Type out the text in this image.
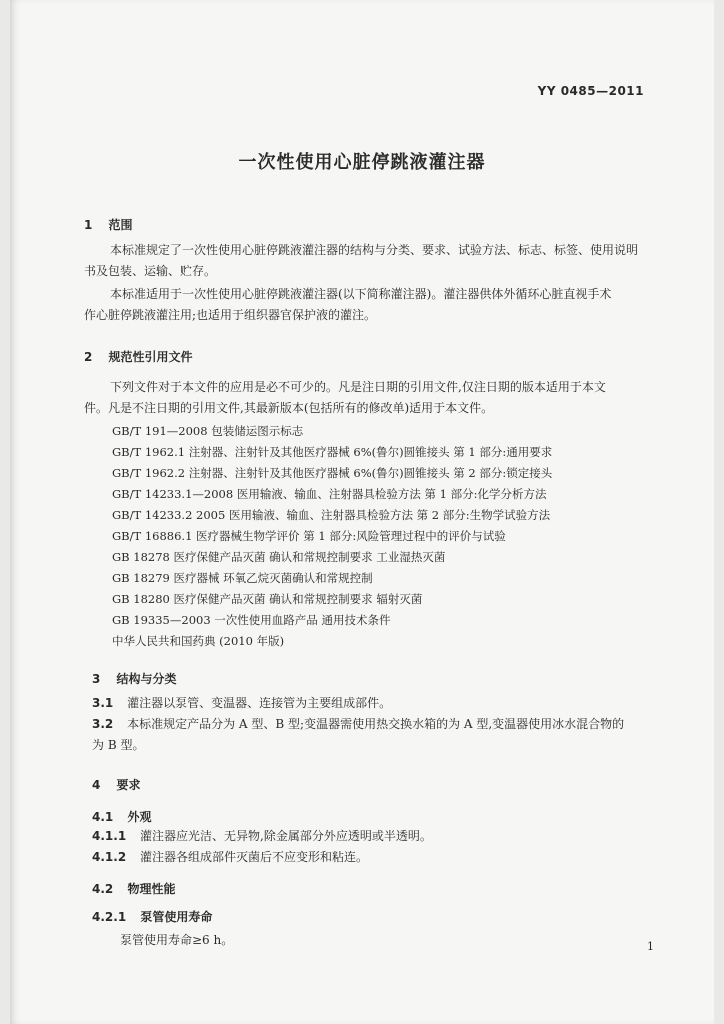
YY 0485—2011
一次性使用心脏停跳液灌注器
1 范围
本标准规定了一次性使用心脏停跳液灌注器的结构与分类、要求、试验方法、标志、标签、使用说明
书及包装、运输、贮存。
本标准适用于一次性使用心脏停跳液灌注器(以下简称灌注器)。灌注器供体外循环心脏直视手术
作心脏停跳液灌注用;也适用于组织器官保护液的灌注。
2 规范性引用文件
下列文件对于本文件的应用是必不可少的。凡是注日期的引用文件,仅注日期的版本适用于本文
件。凡是不注日期的引用文件,其最新版本(包括所有的修改单)适用于本文件。
GB/T 191—2008 包装储运图示标志
GB/T 1962.1 注射器、注射针及其他医疗器械 6%(鲁尔)圆锥接头 第 1 部分:通用要求
GB/T 1962.2 注射器、注射针及其他医疗器械 6%(鲁尔)圆锥接头 第 2 部分:锁定接头
GB/T 14233.1—2008 医用输液、输血、注射器具检验方法 第 1 部分:化学分析方法
GB/T 14233.2 2005 医用输液、输血、注射器具检验方法 第 2 部分:生物学试验方法
GB/T 16886.1 医疗器械生物学评价 第 1 部分:风险管理过程中的评价与试验
GB 18278 医疗保健产品灭菌 确认和常规控制要求 工业湿热灭菌
GB 18279 医疗器械 环氧乙烷灭菌确认和常规控制
GB 18280 医疗保健产品灭菌 确认和常规控制要求 辐射灭菌
GB 19335—2003 一次性使用血路产品 通用技术条件
中华人民共和国药典 (2010 年版)
3 结构与分类
3.1 灌注器以泵管、变温器、连接管为主要组成部件。
3.2 本标准规定产品分为 A 型、B 型;变温器需使用热交换水箱的为 A 型,变温器使用冰水混合物的
为 B 型。
4 要求
4.1 外观
4.1.1 灌注器应光洁、无异物,除金属部分外应透明或半透明。
4.1.2 灌注器各组成部件灭菌后不应变形和粘连。
4.2 物理性能
4.2.1 泵管使用寿命
泵管使用寿命≥6 h。	1
